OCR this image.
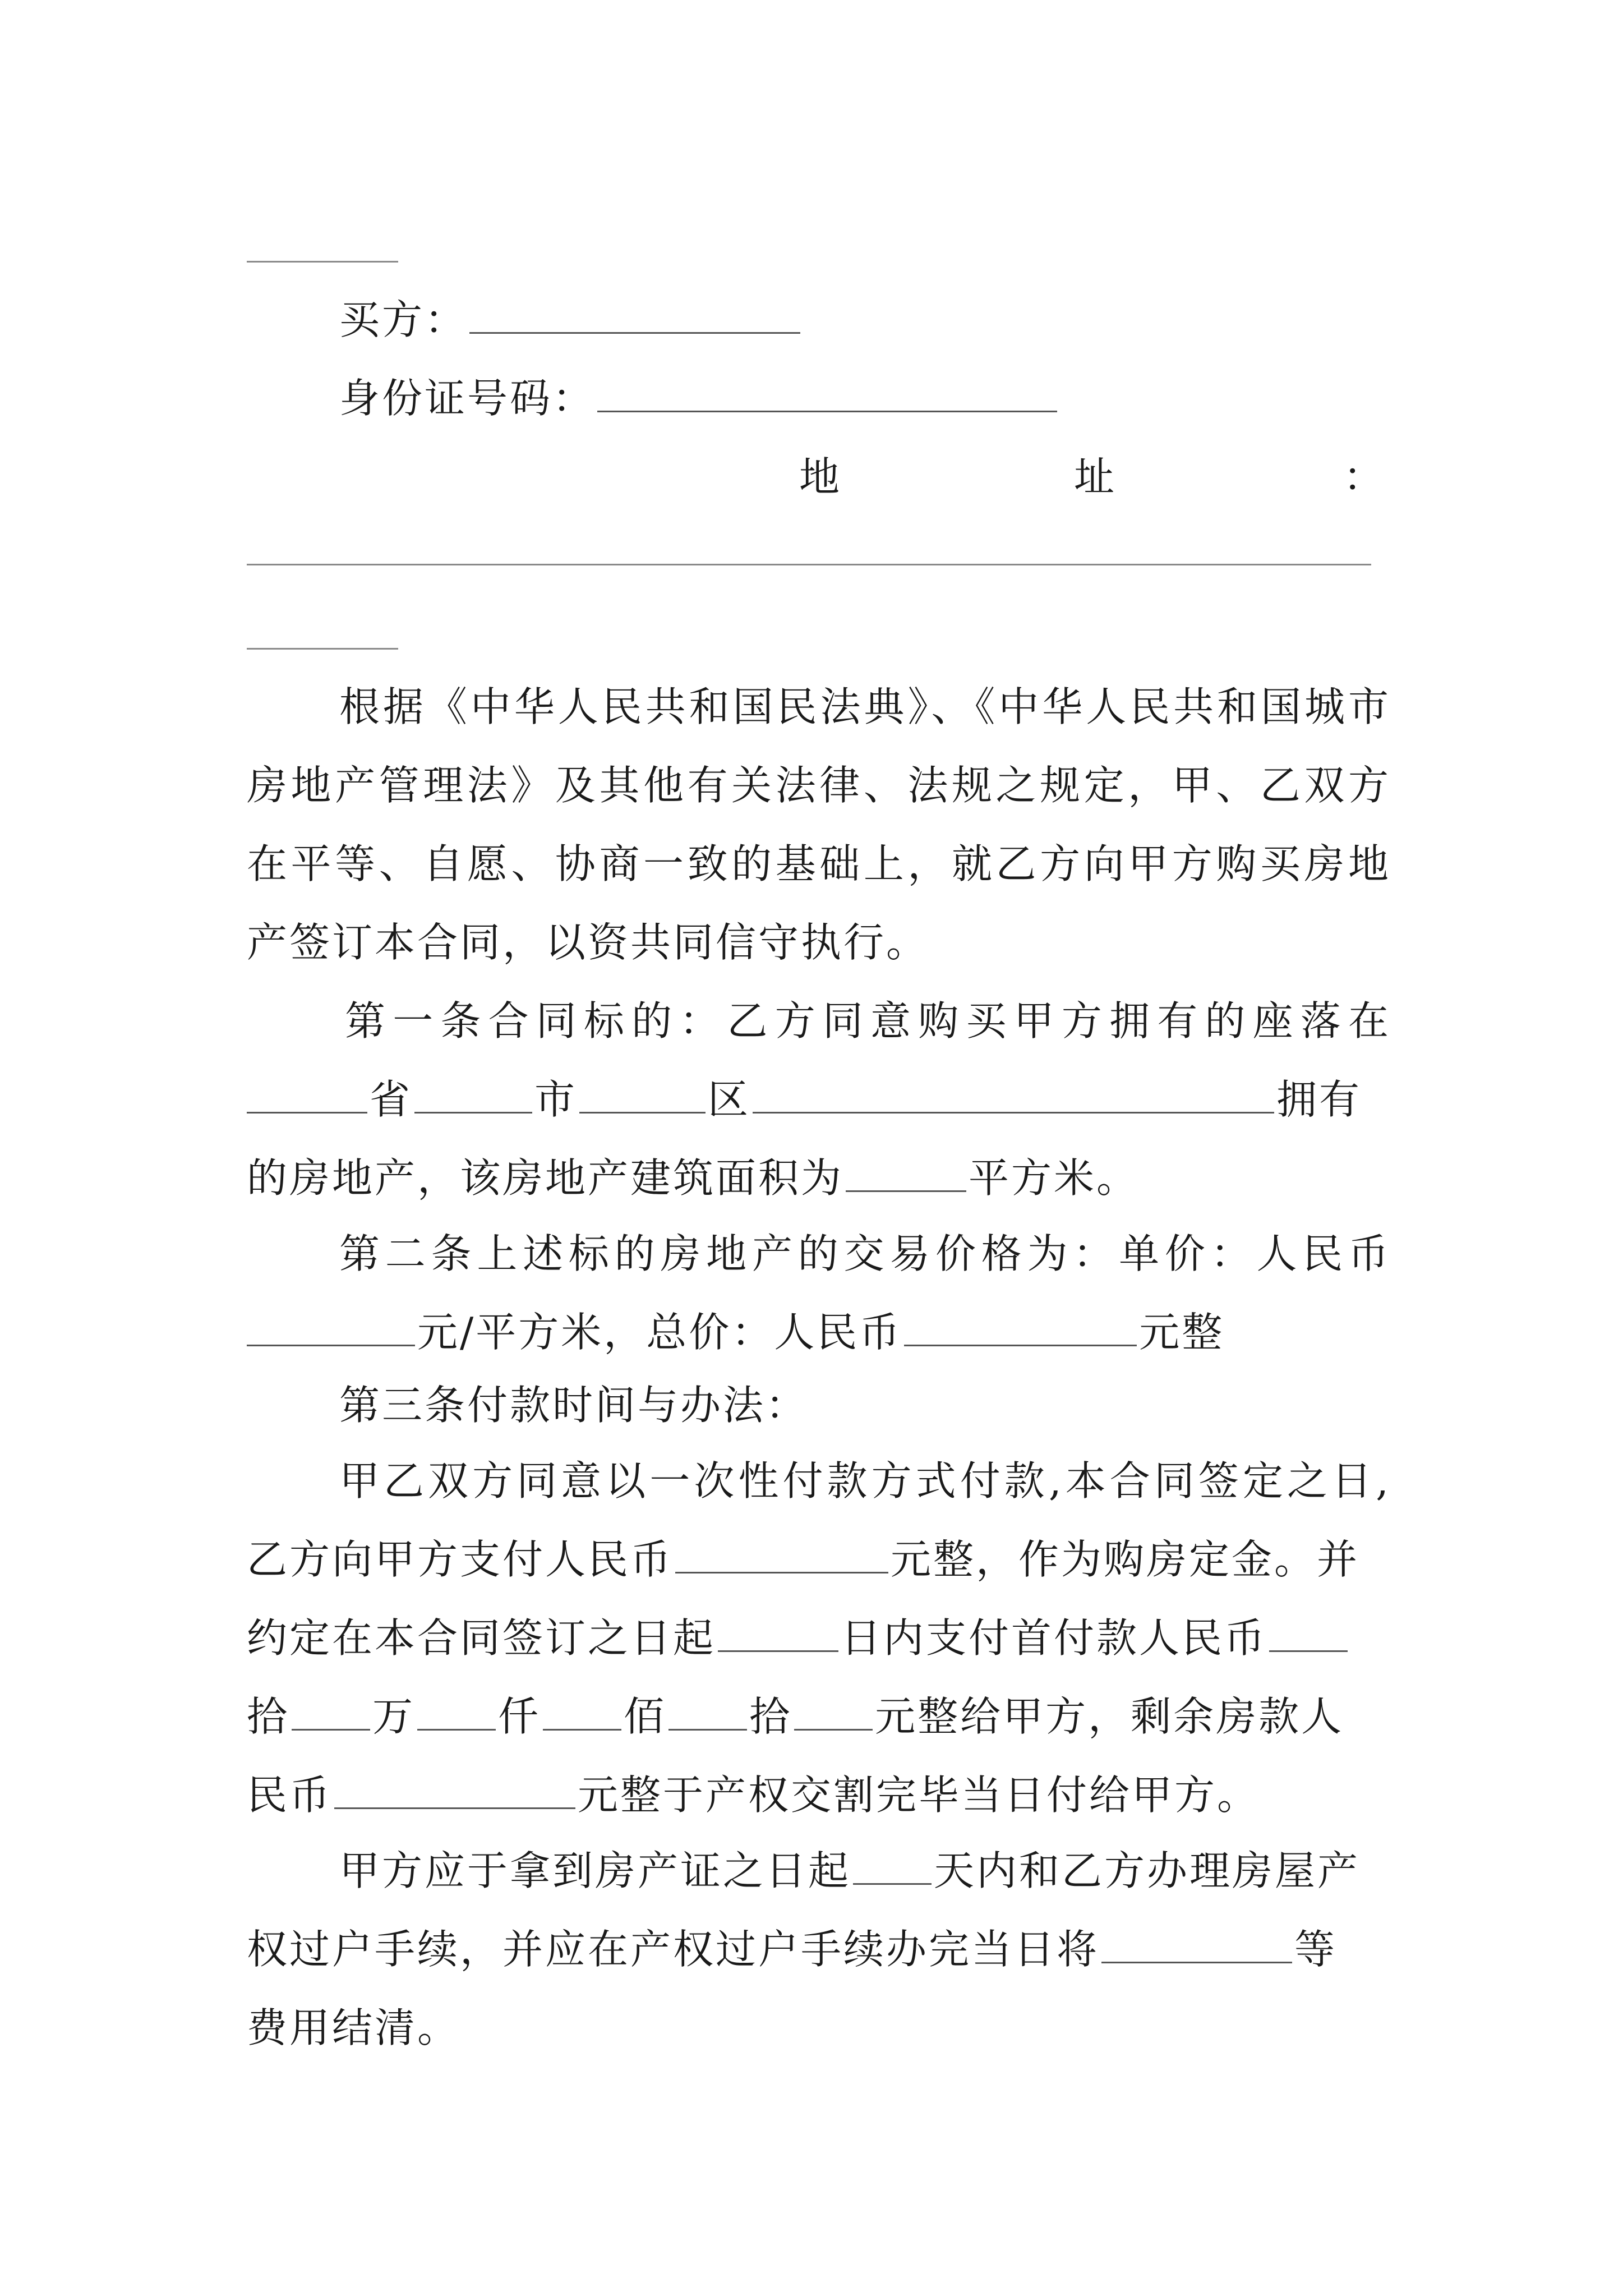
买方：
身份证号码：
地	址	：
根据《中华人民共和国民法典》、《中华人民共和国城市
房地产管理法》及其他有关法律、法规之规定，甲、乙双方
在平等、自愿、协商一致的基础上，就乙方向甲方购买房地
产签订本合同，以资共同信守执行。
第一条合同标的：乙方同意购买甲方拥有的座落在
省	市	区	拥有
的房地产，该房地产建筑面积为	平方米。
第二条上述标的房地产的交易价格为：单价：人民币
元/平方米，总价：人民币	元整
第三条付款时间与办法：
甲乙双方同意以一次性付款方式付款,本合同签定之日,
乙方向甲方支付人民币	元整，作为购房定金。并
约定在本合同签订之日起	日内支付首付款人民币
拾 万 仟 佰 拾 元整给甲方，剩余房款人
民币	元整于产权交割完毕当日付给甲方。
甲方应于拿到房产证之日起 天内和乙方办理房屋产
权过户手续，并应在产权过户手续办完当日将	等
费用结清。
